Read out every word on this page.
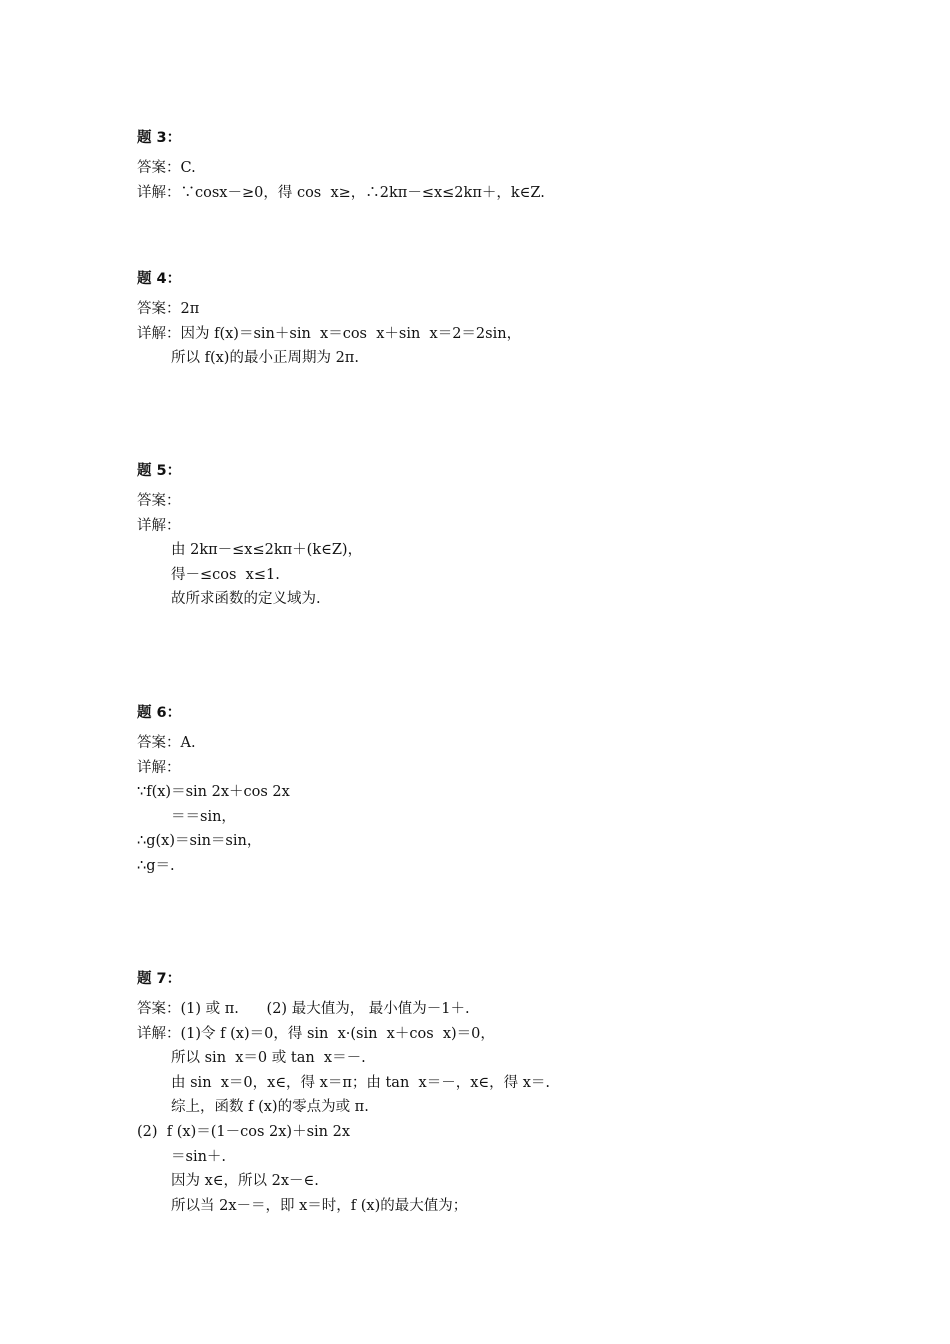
题 3：
答案：C.
详解：∵cosx－≥0，得 cos  x≥，∴2kπ－≤x≤2kπ＋，k∈Z.
题 4：
答案：2π
详解：因为 f(x)＝sin＋sin  x＝cos  x＋sin  x＝2＝2sin，
所以 f(x)的最小正周期为 2π.
题 5：
答案：
详解：
由 2kπ－≤x≤2kπ＋(k∈Z)，
得－≤cos  x≤1.
故所求函数的定义域为.
题 6：
答案：A.
详解：
∵f(x)＝sin 2x＋cos 2x
＝＝sin，
∴g(x)＝sin＝sin，
∴g＝.
题 7：
答案：(1) 或 π.      (2) 最大值为， 最小值为－1＋.
详解：(1)令 f (x)＝0，得 sin  x·(sin  x＋cos  x)＝0，
所以 sin  x＝0 或 tan  x＝－.
由 sin  x＝0，x∈，得 x＝π；由 tan  x＝－，x∈，得 x＝.
综上，函数 f (x)的零点为或 π.
(2)  f (x)＝(1－cos 2x)＋sin 2x
＝sin＋.
因为 x∈，所以 2x－∈.
所以当 2x－＝，即 x＝时，f (x)的最大值为；
